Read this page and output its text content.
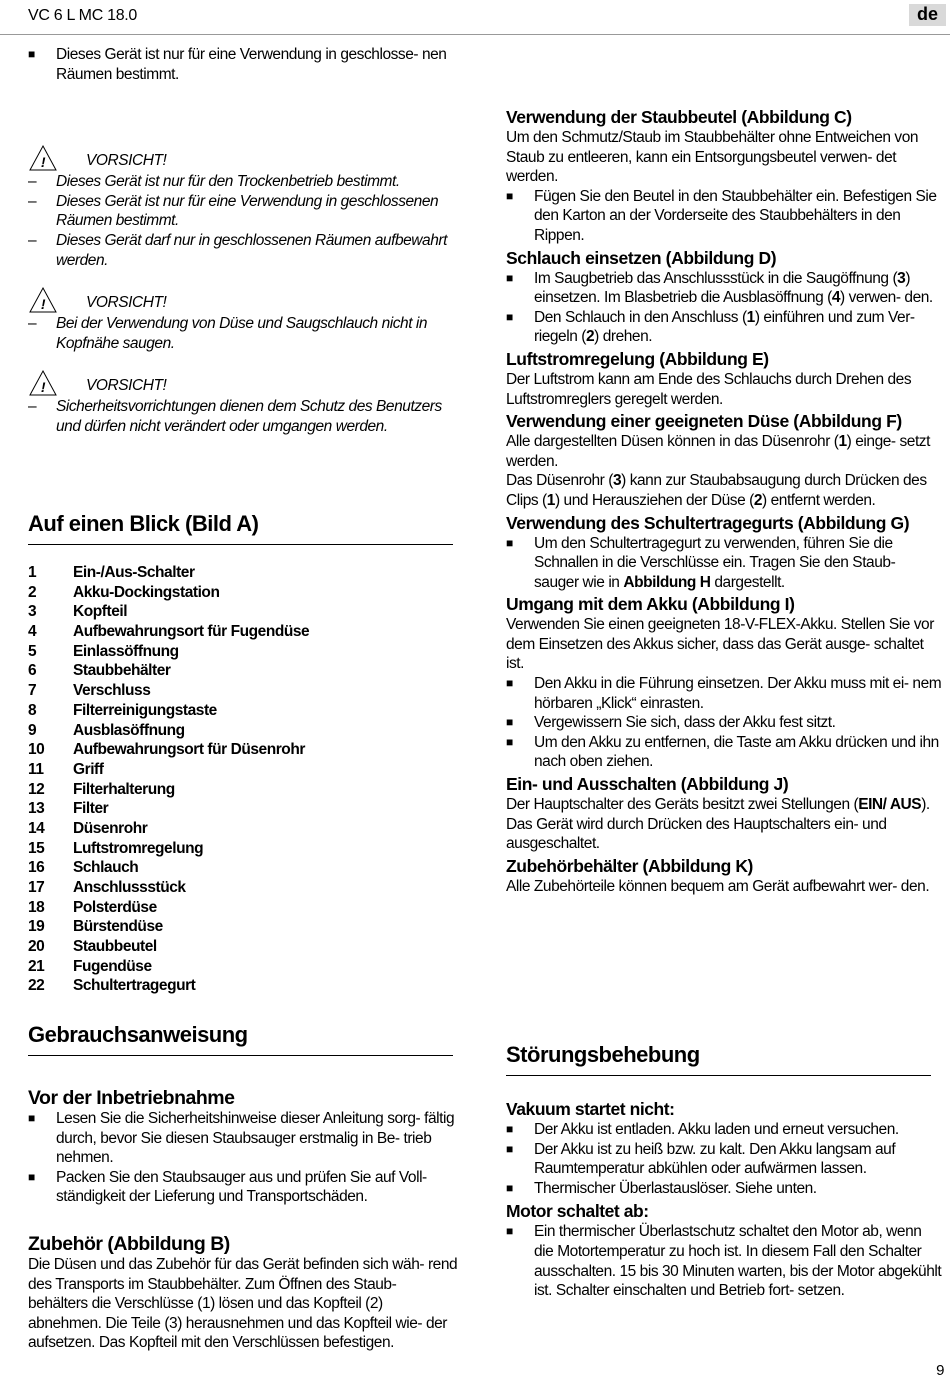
VC 6 L MC 18.0	de
9
■ Dieses Gerät ist nur für eine Verwendung in geschlosse- nen Räumen bestimmt.
!	VORSICHT!
– Dieses Gerät ist nur für den Trockenbetrieb bestimmt.
– Dieses Gerät ist nur für eine Verwendung in geschlossenen Räumen bestimmt.
– Dieses Gerät darf nur in geschlossenen Räumen aufbewahrt werden.
!	VORSICHT!
– Bei der Verwendung von Düse und Saugschlauch nicht in Kopfnähe saugen.
!	VORSICHT!
– Sicherheitsvorrichtungen dienen dem Schutz des Benutzers und dürfen nicht verändert oder umgangen werden.
Auf einen Blick (Bild A)
1	Ein-/Aus-Schalter
2	Akku-Dockingstation
3	Kopfteil
4	Aufbewahrungsort für Fugendüse
5	Einlassöffnung
6	Staubbehälter
7	Verschluss
8	Filterreinigungstaste
9	Ausblasöffnung
10	Aufbewahrungsort für Düsenrohr
11	Griff
12	Filterhalterung
13	Filter
14	Düsenrohr
15	Luftstromregelung
16	Schlauch
17	Anschlussstück
18	Polsterdüse
19	Bürstendüse
20	Staubbeutel
21	Fugendüse
22	Schultertragegurt
Gebrauchsanweisung
Vor der Inbetriebnahme
■ Lesen Sie die Sicherheitshinweise dieser Anleitung sorg- fältig durch, bevor Sie diesen Staubsauger erstmalig in Be- trieb nehmen.
■ Packen Sie den Staubsauger aus und prüfen Sie auf Voll- ständigkeit der Lieferung und Transportschäden.
Zubehör (Abbildung B)

Die Düsen und das Zubehör für das Gerät befinden sich wäh- rend des Transports im Staubbehälter. Zum Öffnen des Staub- behälters die Verschlüsse (1) lösen und das Kopfteil (2) abnehmen. Die Teile (3) herausnehmen und das Kopfteil wie- der aufsetzen. Das Kopfteil mit den Verschlüssen befestigen.

Verwendung der Staubbeutel (Abbildung C)

Um den Schmutz/Staub im Staubbehälter ohne Entweichen von Staub zu entleeren, kann ein Entsorgungsbeutel verwen- det werden.

■ Fügen Sie den Beutel in den Staubbehälter ein. Befestigen Sie den Karton an der Vorderseite des Staubbehälters in den Rippen.
Schlauch einsetzen (Abbildung D)
■ Im Saugbetrieb das Anschlussstück in die Saugöffnung (3) einsetzen. Im Blasbetrieb die Ausblasöffnung (4) verwen- den.
■ Den Schlauch in den Anschluss (1) einführen und zum Ver- riegeln (2) drehen.
Luftstromregelung (Abbildung E)

Der Luftstrom kann am Ende des Schlauchs durch Drehen des Luftstromreglers geregelt werden.

Verwendung einer geeigneten Düse (Abbildung F)

Alle dargestellten Düsen können in das Düsenrohr (1) einge- setzt werden.

Das Düsenrohr (3) kann zur Staubabsaugung durch Drücken des Clips (1) und Herausziehen der Düse (2) entfernt werden.

Verwendung des Schultertragegurts (Abbildung G)
■ Um den Schultertragegurt zu verwenden, führen Sie die Schnallen in die Verschlüsse ein. Tragen Sie den Staub- sauger wie in Abbildung H dargestellt.
Umgang mit dem Akku (Abbildung I)

Verwenden Sie einen geeigneten 18-V-FLEX-Akku. Stellen Sie vor dem Einsetzen des Akkus sicher, dass das Gerät ausge- schaltet ist.

■ Den Akku in die Führung einsetzen. Der Akku muss mit ei- nem hörbaren „Klick“ einrasten.
■ Vergewissern Sie sich, dass der Akku fest sitzt.
■ Um den Akku zu entfernen, die Taste am Akku drücken und ihn nach oben ziehen.
Ein- und Ausschalten (Abbildung J)

Der Hauptschalter des Geräts besitzt zwei Stellungen (EIN/ AUS). Das Gerät wird durch Drücken des Hauptschalters ein- und ausgeschaltet.

Zubehörbehälter (Abbildung K)

Alle Zubehörteile können bequem am Gerät aufbewahrt wer- den.

Störungsbehebung
Vakuum startet nicht:
■ Der Akku ist entladen. Akku laden und erneut versuchen.
■ Der Akku ist zu heiß bzw. zu kalt. Den Akku langsam auf Raumtemperatur abkühlen oder aufwärmen lassen.
■ Thermischer Überlastauslöser. Siehe unten.
Motor schaltet ab:
■ Ein thermischer Überlastschutz schaltet den Motor ab, wenn die Motortemperatur zu hoch ist. In diesem Fall den Schalter ausschalten. 15 bis 30 Minuten warten, bis der Motor abgekühlt ist. Schalter einschalten und Betrieb fort- setzen.
